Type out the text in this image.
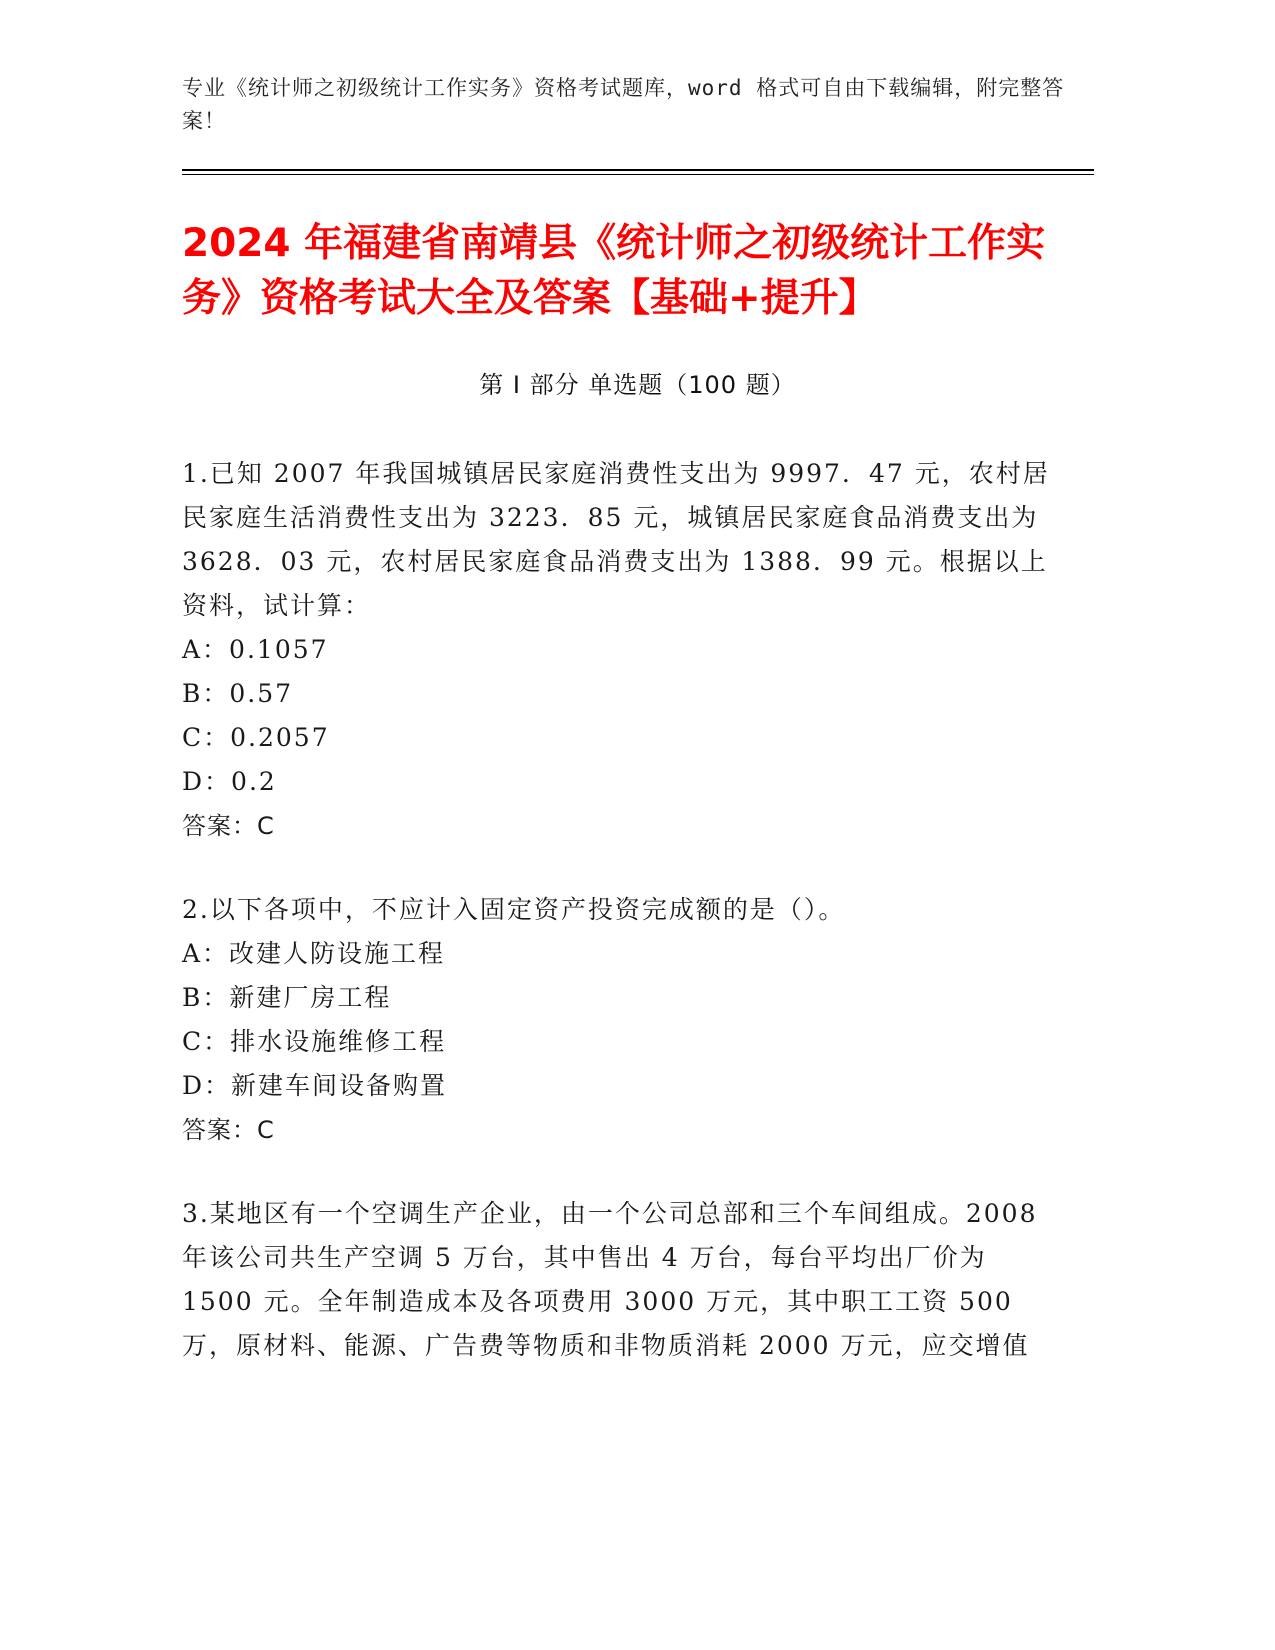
专业《统计师之初级统计工作实务》资格考试题库，word 格式可自由下载编辑，附完整答案！
2024 年福建省南靖县《统计师之初级统计工作实务》资格考试大全及答案【基础+提升】
第 I 部分 单选题（100 题）

1.已知 2007 年我国城镇居民家庭消费性支出为 9997．47 元，农村居民家庭生活消费性支出为 3223．85 元，城镇居民家庭食品消费支出为 3628．03 元，农村居民家庭食品消费支出为 1388．99 元。根据以上资料，试计算：

A：0.1057

B：0.57

C：0.2057

D：0.2

答案：C

2.以下各项中，不应计入固定资产投资完成额的是（）。

A：改建人防设施工程

B：新建厂房工程

C：排水设施维修工程

D：新建车间设备购置

答案：C

3.某地区有一个空调生产企业，由一个公司总部和三个车间组成。2008 年该公司共生产空调 5 万台，其中售出 4 万台，每台平均出厂价为 1500 元。全年制造成本及各项费用 3000 万元，其中职工工资 500 万，原材料、能源、广告费等物质和非物质消耗 2000 万元，应交增值
